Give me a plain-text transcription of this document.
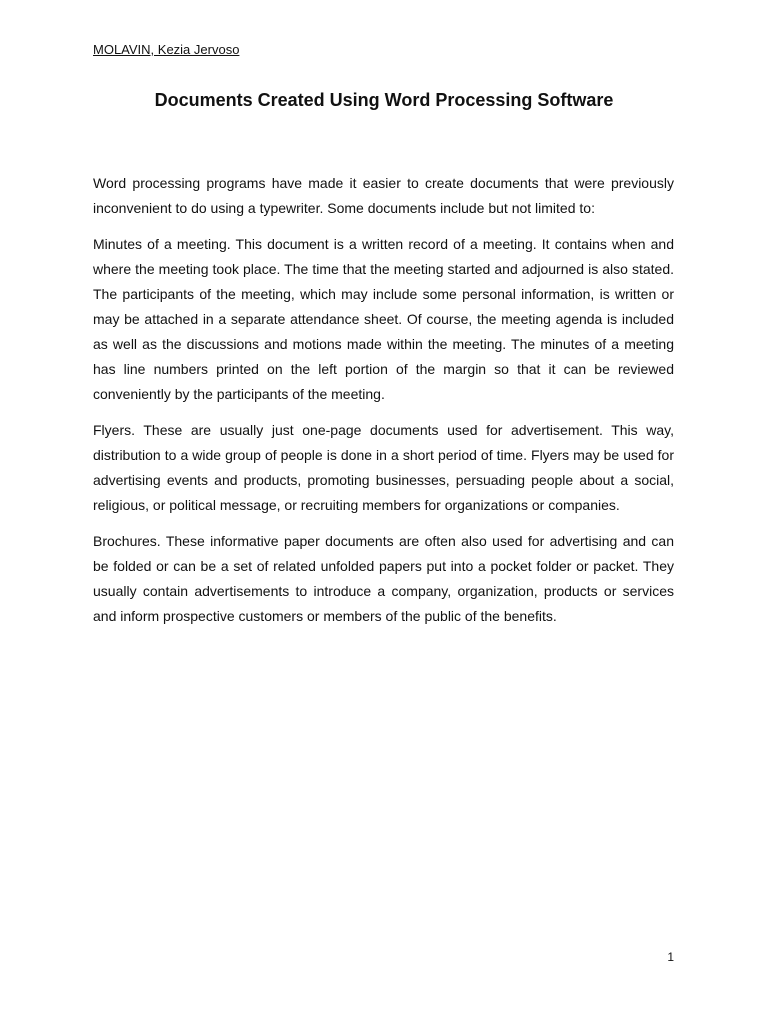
MOLAVIN, Kezia Jervoso

Documents Created Using Word Processing Software

Word processing programs have made it easier to create documents that were previously inconvenient to do using a typewriter. Some documents include but not limited to:

Minutes of a meeting. This document is a written record of a meeting. It contains when and where the meeting took place. The time that the meeting started and adjourned is also stated. The participants of the meeting, which may include some personal information, is written or may be attached in a separate attendance sheet. Of course, the meeting agenda is included as well as the discussions and motions made within the meeting. The minutes of a meeting has line numbers printed on the left portion of the margin so that it can be reviewed conveniently by the participants of the meeting.

Flyers. These are usually just one-page documents used for advertisement. This way, distribution to a wide group of people is done in a short period of time. Flyers may be used for advertising events and products, promoting businesses, persuading people about a social, religious, or political message, or recruiting members for organizations or companies.

Brochures. These informative paper documents are often also used for advertising and can be folded or can be a set of related unfolded papers put into a pocket folder or packet. They usually contain advertisements to introduce a company, organization, products or services and inform prospective customers or members of the public of the benefits.

1
